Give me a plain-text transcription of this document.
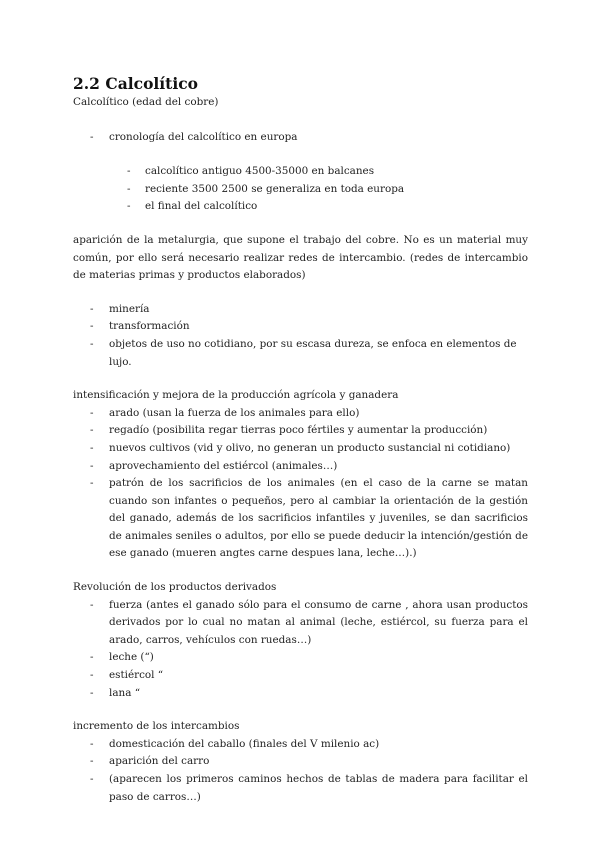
2.2 Calcolítico

Calcolítico (edad del cobre)

- cronología del calcolítico en europa
- calcolítico antiguo 4500-35000 en balcanes
- reciente 3500 2500 se generaliza en toda europa
- el final del calcolítico

aparición de la metalurgia, que supone el trabajo del cobre. No es un material muy común, por ello será necesario realizar redes de intercambio. (redes de intercambio de materias primas y productos elaborados)

- minería
- transformación
- objetos de uso no cotidiano, por su escasa dureza, se enfoca en elementos de lujo.

intensificación y mejora de la producción agrícola y ganadera

- arado (usan la fuerza de los animales para ello)
- regadío (posibilita regar tierras poco fértiles y aumentar la producción)
- nuevos cultivos (vid y olivo, no generan un producto sustancial ni cotidiano)
- aprovechamiento del estiércol (animales…)
- patrón de los sacrificios de los animales (en el caso de la carne se matan cuando son infantes o pequeños, pero al cambiar la orientación de la gestión del ganado, además de los sacrificios infantiles y juveniles, se dan sacrificios de animales seniles o adultos, por ello se puede deducir la intención/gestión de ese ganado (mueren angtes carne despues lana, leche…).)

Revolución de los productos derivados

- fuerza (antes el ganado sólo para el consumo de carne , ahora usan productos derivados por lo cual no matan al animal (leche, estiércol, su fuerza para el arado, carros, vehículos con ruedas…)
- leche (“)
- estiércol “
- lana “

incremento de los intercambios

- domesticación del caballo (finales del V milenio ac)
- aparición del carro
- (aparecen los primeros caminos hechos de tablas de madera para facilitar el paso de carros…)
